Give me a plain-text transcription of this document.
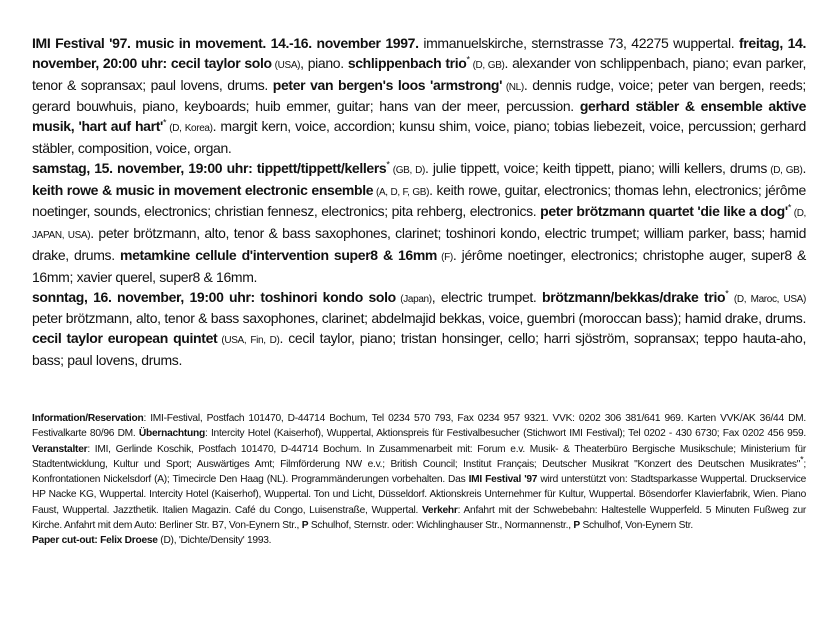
IMI Festival '97. music in movement. 14.-16. november 1997. immanuelskirche, sternstrasse 73, 42275 wuppertal. freitag, 14. november, 20:00 uhr: cecil taylor solo (USA), piano. schlippenbach trio* (D, GB). alexander von schlippenbach, piano; evan parker, tenor & sopransax; paul lovens, drums. peter van bergen's loos 'armstrong' (NL). dennis rudge, voice; peter van bergen, reeds; gerard bouwhuis, piano, keyboards; huib emmer, guitar; hans van der meer, percussion. gerhard stäbler & ensemble aktive musik, 'hart auf hart'* (D, Korea). margit kern, voice, accordion; kunsu shim, voice, piano; tobias liebezeit, voice, percussion; gerhard stäbler, composition, voice, organ.

samstag, 15. november, 19:00 uhr: tippett/tippett/kellers* (GB, D). julie tippett, voice; keith tippett, piano; willi kellers, drums (D, GB). keith rowe & music in movement electronic ensemble (A, D, F, GB). keith rowe, guitar, electronics; thomas lehn, electronics; jérôme noetinger, sounds, electronics; christian fennesz, electronics; pita rehberg, electronics. peter brötzmann quartet 'die like a dog'* (D, JAPAN, USA). peter brötzmann, alto, tenor & bass saxophones, clarinet; toshinori kondo, electric trumpet; william parker, bass; hamid drake, drums. metamkine cellule d'intervention super8 & 16mm (F). jérôme noetinger, electronics; christophe auger, super8 & 16mm; xavier querel, super8 & 16mm.

sonntag, 16. november, 19:00 uhr: toshinori kondo solo (Japan), electric trumpet. brötzmann/bekkas/drake trio* (D, Maroc, USA) peter brötzmann, alto, tenor & bass saxophones, clarinet; abdelmajid bekkas, voice, guembri (moroccan bass); hamid drake, drums. cecil taylor european quintet (USA, Fin, D). cecil taylor, piano; tristan honsinger, cello; harri sjöström, sopransax; teppo hauta-aho, bass; paul lovens, drums.

Information/Reservation: IMI-Festival, Postfach 101470, D-44714 Bochum, Tel 0234 570 793, Fax 0234 957 9321. VVK: 0202 306 381/641 969. Karten VVK/AK 36/44 DM. Festivalkarte 80/96 DM. Übernachtung: Intercity Hotel (Kaiserhof), Wuppertal, Aktionspreis für Festivalbesucher (Stichwort IMI Festival); Tel 0202 - 430 6730; Fax 0202 456 959. Veranstalter: IMI, Gerlinde Koschik, Postfach 101470, D-44714 Bochum. In Zusammenarbeit mit: Forum e.v. Musik- & Theaterbüro Bergische Musikschule; Ministerium für Stadtentwicklung, Kultur und Sport; Auswärtiges Amt; Filmförderung NW e.v.; British Council; Institut Français; Deutscher Musikrat "Konzert des Deutschen Musikrates"*; Konfrontationen Nickelsdorf (A); Timecircle Den Haag (NL). Programmänderungen vorbehalten. Das IMI Festival '97 wird unterstützt von: Stadtsparkasse Wuppertal. Druckservice HP Nacke KG, Wuppertal. Intercity Hotel (Kaiserhof), Wuppertal. Ton und Licht, Düsseldorf. Aktionskreis Unternehmer für Kultur, Wuppertal. Bösendorfer Klavierfabrik, Wien. Piano Faust, Wuppertal. Jazzthetik. Italien Magazin. Café du Congo, Luisenstraße, Wuppertal. Verkehr: Anfahrt mit der Schwebebahn: Haltestelle Wupperfeld. 5 Minuten Fußweg zur Kirche. Anfahrt mit dem Auto: Berliner Str. B7, Von-Eynern Str., P Schulhof, Sternstr. oder: Wichlinghauser Str., Normannenstr., P Schulhof, Von-Eynern Str.

Paper cut-out: Felix Droese (D), 'Dichte/Density' 1993.
